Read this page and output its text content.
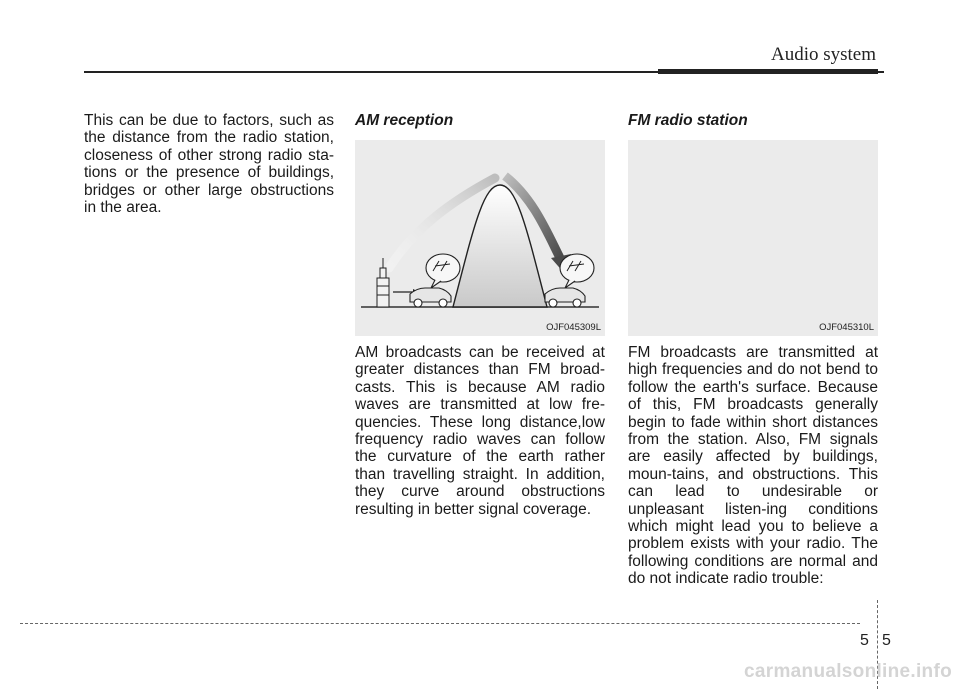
Audio system

This can be due to factors, such as the distance from the radio station, closeness of other strong radio sta-tions or the presence of buildings, bridges or other large obstructions in the area.

AM reception

OJF045309L

AM broadcasts can be received at greater distances than FM broad-casts. This is because AM radio waves are transmitted at low fre-quencies. These long distance,low frequency radio waves can follow the curvature of the earth rather than travelling straight. In addition, they curve around obstructions resulting in better signal coverage.

FM radio station

OJF045310L

FM broadcasts are transmitted at high frequencies and do not bend to follow the earth's surface. Because of this, FM broadcasts generally begin to fade within short distances from the station. Also, FM signals are easily affected by buildings, moun-tains, and obstructions. This can lead to undesirable or unpleasant listen-ing conditions which might lead you to believe a problem exists with your radio. The following conditions are normal and do not indicate radio trouble:

5 5
carmanualsonline.info
